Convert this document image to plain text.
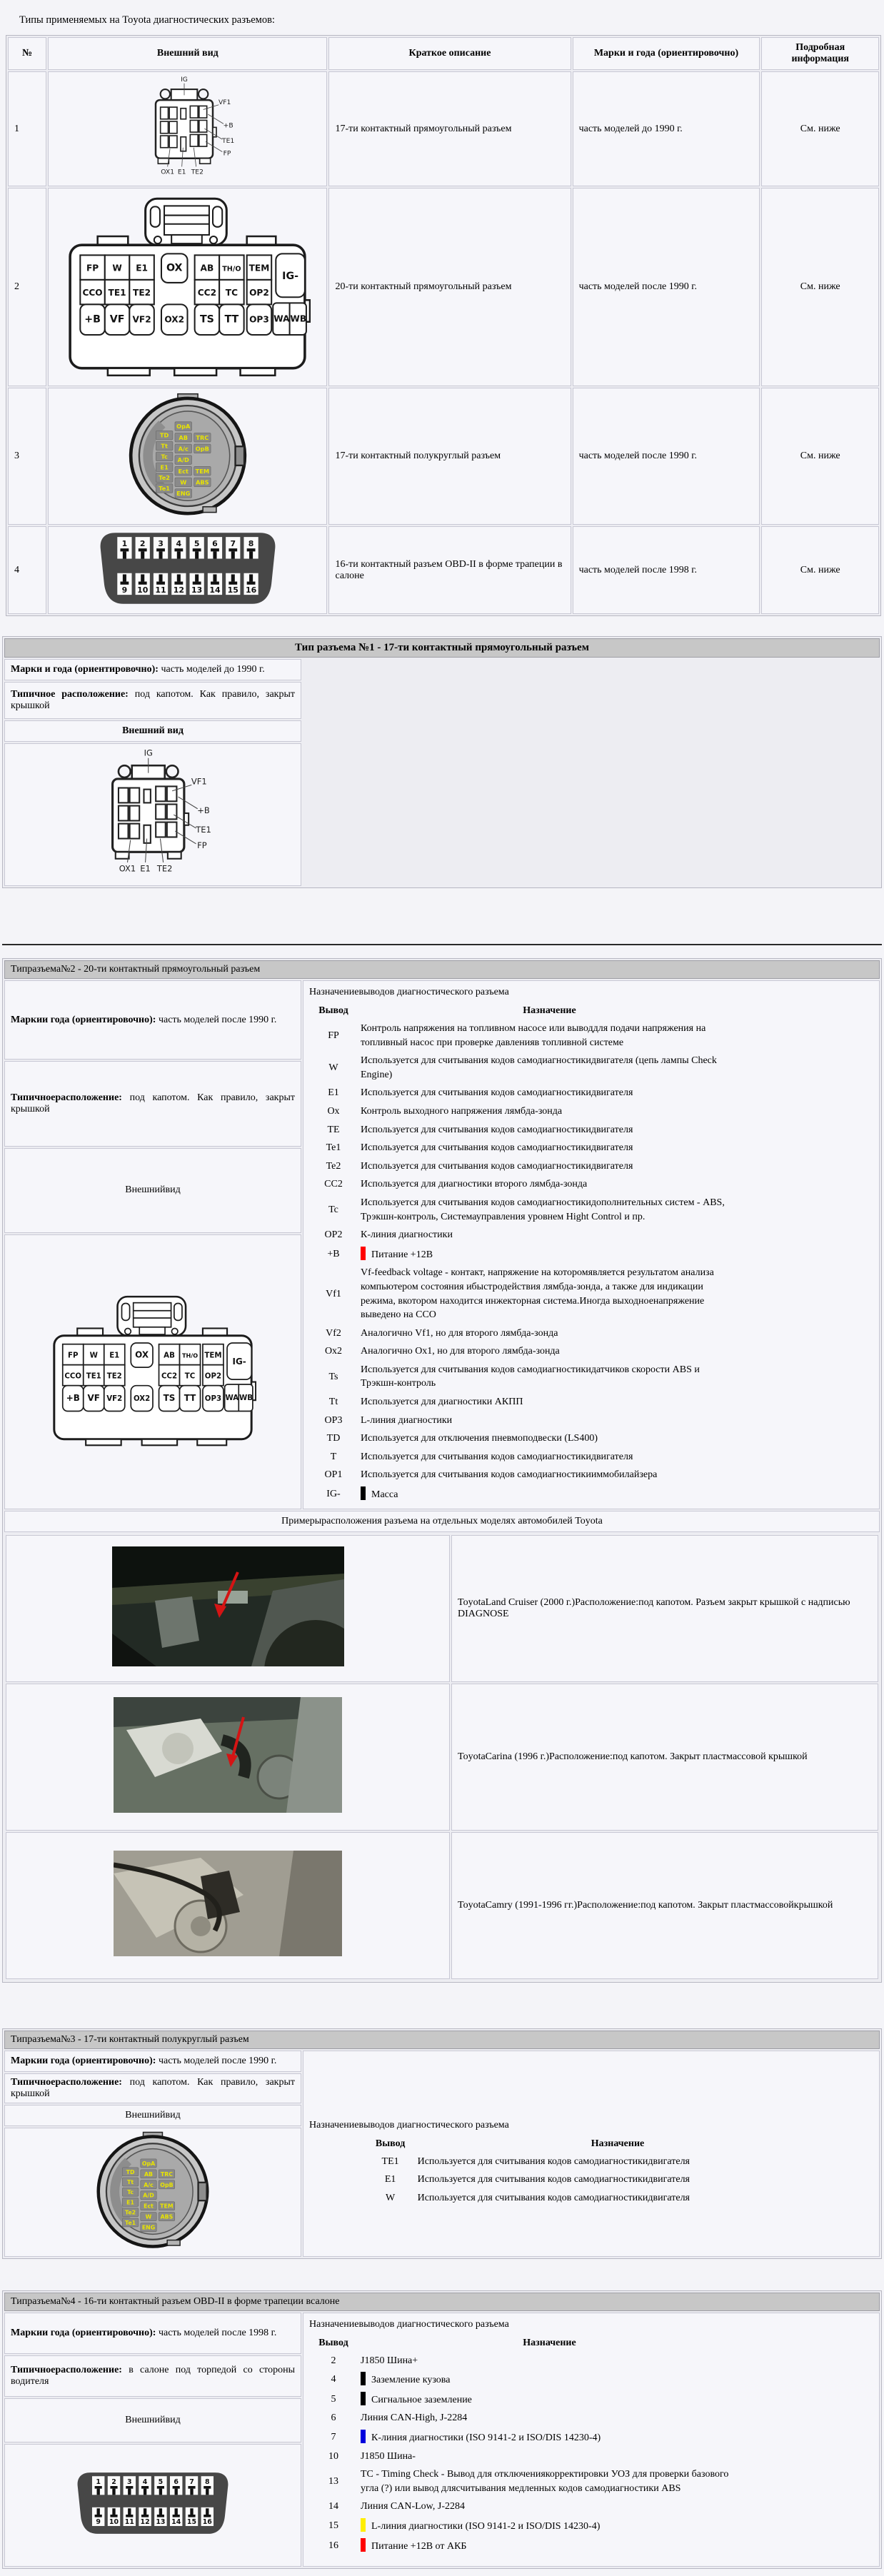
Типы применяемых на Toyota диагностических разъемов:
№	Внешний вид	Краткое описание	Марки и года (ориентировочно)	Подробная информация
1		17-ти контактный прямоугольный разъем	часть моделей до 1990 г.	См. ниже
2		20-ти контактный прямоугольный разъем	часть моделей после 1990 г.	См. ниже
3		17-ти контактный полукруглый разъем	часть моделей после 1990 г.	См. ниже
4		16-ти контактный разъем OBD-II в форме трапеции в салоне	часть моделей после 1998 г.	См. ниже
Тип разъема №1 - 17-ти контактный прямоугольный разъем
Марки и года (ориентировочно): часть моделей до 1990 г.	
Типичное расположение: под капотом. Как правило, закрыт крышкой
Внешний вид

Типразъема№2 - 20-ти контактный прямоугольный разъем
Маркии года (ориентировочно): часть моделей после 1990 г.	
Назначениевыводов диагностического разъема
Вывод	Назначение
FP	Контроль напряжения на топливном насосе или выводдля подачи напряжения на топливный насос при проверке давленияв топливной системе
W	Используется для считывания кодов самодиагностикидвигателя (цепь лампы Check Engine)
E1	Используется для считывания кодов самодиагностикидвигателя
Ox	Контроль выходного напряжения лямбда-зонда
TE	Используется для считывания кодов самодиагностикидвигателя
Te1	Используется для считывания кодов самодиагностикидвигателя
Te2	Используется для считывания кодов самодиагностикидвигателя
CC2	Используется для диагностики второго лямбда-зонда
Tc	Используется для считывания кодов самодиагностикидополнительных систем - ABS, Трэкшн-контроль, Системауправления уровнем Hight Control и пр.
OP2	К-линия диагностики
+B	Питание +12В
Vf1	Vf-feedback voltage - контакт, напряжение на которомявляется результатом анализа компьютером состояния ибыстродействия лямбда-зонда, а также для индикации режима, вкотором находится инжекторная система.Иногда выходноенапряжение выведено на CCO
Vf2	Аналогично Vf1, но для второго лямбда-зонда
Ox2	Аналогично Ox1, но для второго лямбда-зонда
Ts	Используется для считывания кодов самодиагностикидатчиков скорости ABS и Трэкшн-контроль
Tt	Используется для диагностики АКПП
OP3	L-линия диагностики
TD	Используется для отключения пневмоподвески (LS400)
T	Используется для считывания кодов самодиагностикидвигателя
OP1	Используется для считывания кодов самодиагностикииммобилайзера
IG-	Масса

Типичноерасположение: под капотом. Как правило, закрыт крышкой
Внешнийвид

Примерырасположения разъема на отдельных моделях автомобилей Toyota

	ToyotaLand Cruiser (2000 г.)Расположение:под капотом. Разъем закрыт крышкой с надписью DIAGNOSE
	ToyotaCarina (1996 г.)Расположение:под капотом. Закрыт пластмассовой крышкой
	ToyotaCamry (1991-1996 гг.)Расположение:под капотом. Закрыт пластмассовойкрышкой
Типразъема№3 - 17-ти контактный полукруглый разъем
Маркии года (ориентировочно): часть моделей после 1990 г.	
Назначениевыводов диагностического разъема
Вывод	Назначение
TE1	Используется для считывания кодов самодиагностикидвигателя
E1	Используется для считывания кодов самодиагностикидвигателя
W	Используется для считывания кодов самодиагностикидвигателя

Типичноерасположение: под капотом. Как правило, закрыт крышкой
Внешнийвид

Типразъема№4 - 16-ти контактный разъем OBD-II в форме трапеции всалоне
Маркии года (ориентировочно): часть моделей после 1998 г.	
Назначениевыводов диагностического разъема
Вывод	Назначение
2	J1850 Шина+
4	Заземление кузова
5	Сигнальное заземление
6	Линия CAN-High, J-2284
7	К-линия диагностики (ISO 9141-2 и ISO/DIS 14230-4)
10	J1850 Шина-
13	TC - Timing Check - Вывод для отключениякорректировки УОЗ для проверки базового угла (?) или вывод длясчитывания медленных кодов самодиагностики ABS
14	Линия CAN-Low, J-2284
15	L-линия диагностики (ISO 9141-2 и ISO/DIS 14230-4)
16	Питание +12В от АКБ

Типичноерасположение: в салоне под торпедой со стороны водителя
Внешнийвид
